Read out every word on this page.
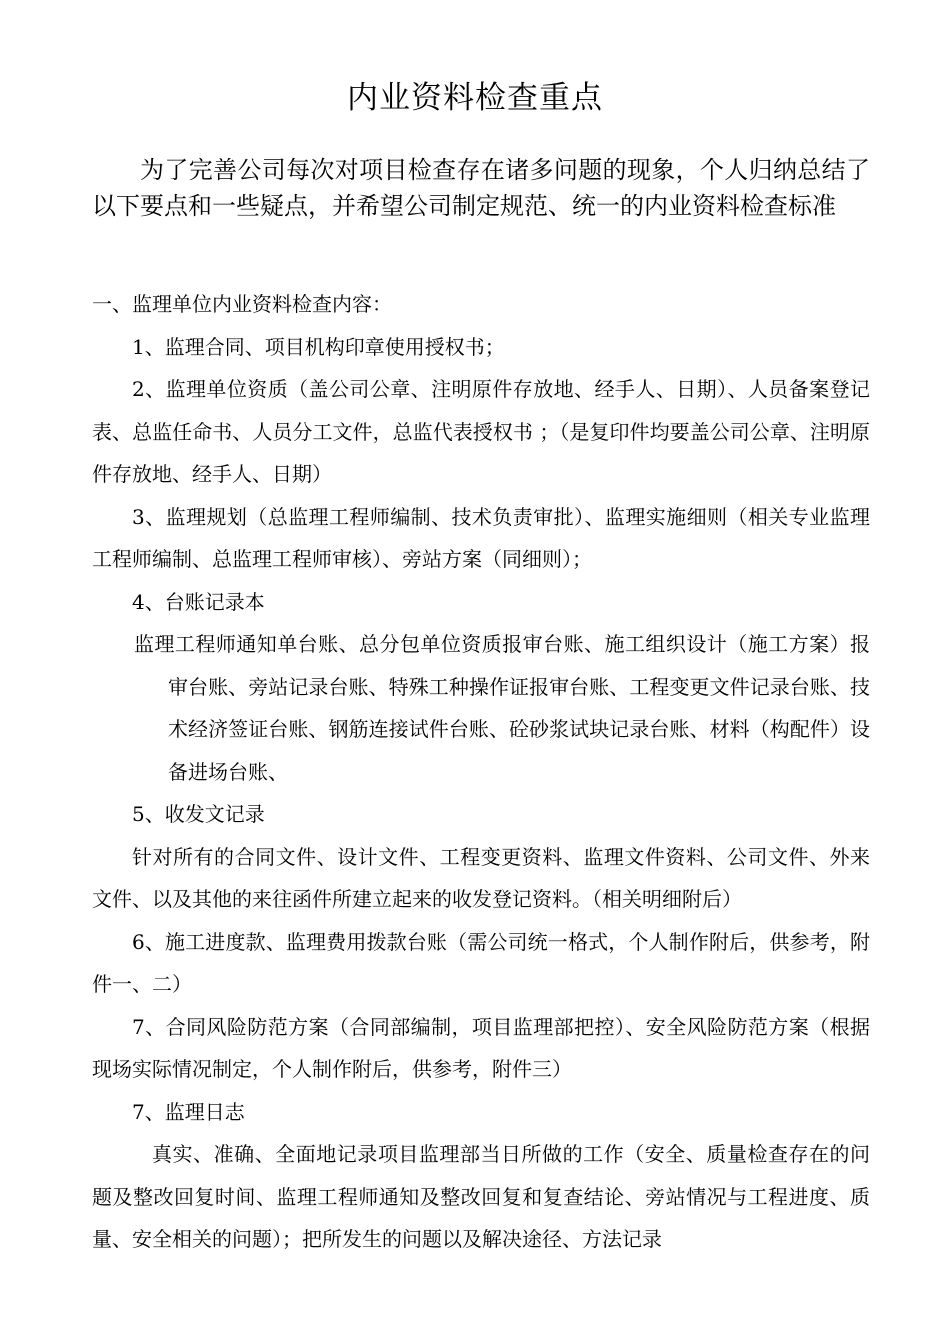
内业资料检查重点
为了完善公司每次对项目检查存在诸多问题的现象，个人归纳总结了以下要点和一些疑点，并希望公司制定规范、统一的内业资料检查标准

一、监理单位内业资料检查内容：

1、监理合同、项目机构印章使用授权书；

2、监理单位资质（盖公司公章、注明原件存放地、经手人、日期）、人员备案登记表、总监任命书、人员分工文件，总监代表授权书 ；（是复印件均要盖公司公章、注明原件存放地、经手人、日期）

3、监理规划（总监理工程师编制、技术负责审批）、监理实施细则（相关专业监理工程师编制、总监理工程师审核）、旁站方案（同细则）；

4、台账记录本

监理工程师通知单台账、总分包单位资质报审台账、施工组织设计（施工方案）报审台账、旁站记录台账、特殊工种操作证报审台账、工程变更文件记录台账、技术经济签证台账、钢筋连接试件台账、砼砂浆试块记录台账、材料（构配件）设备进场台账、

5、收发文记录

针对所有的合同文件、设计文件、工程变更资料、监理文件资料、公司文件、外来文件、以及其他的来往函件所建立起来的收发登记资料。（相关明细附后）

6、施工进度款、监理费用拨款台账（需公司统一格式，个人制作附后，供参考，附件一、二）

7、合同风险防范方案（合同部编制，项目监理部把控）、安全风险防范方案（根据现场实际情况制定，个人制作附后，供参考，附件三）

7、监理日志

真实、准确、全面地记录项目监理部当日所做的工作（安全、质量检查存在的问题及整改回复时间、监理工程师通知及整改回复和复查结论、旁站情况与工程进度、质量、安全相关的问题）；把所发生的问题以及解决途径、方法记录
